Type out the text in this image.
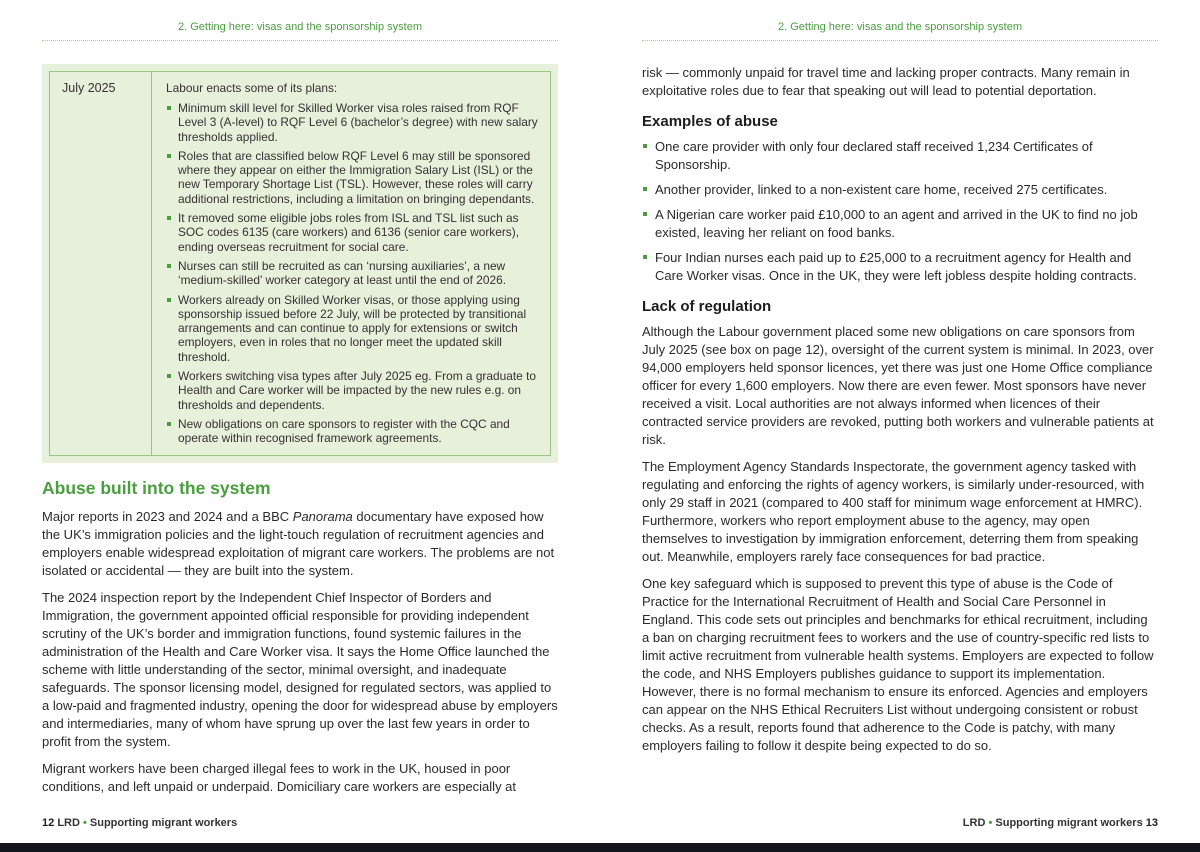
2. Getting here: visas and the sponsorship system
July 2025	Labour enacts some of its plans:

Minimum skill level for Skilled Worker visa roles raised from RQF Level 3 (A-level) to RQF Level 6 (bachelor’s degree) with new salary thresholds applied.
Roles that are classified below RQF Level 6 may still be sponsored where they appear on either the Immigration Salary List (ISL) or the new Temporary Shortage List (TSL). However, these roles will carry additional restrictions, including a limitation on bringing dependants.
It removed some eligible jobs roles from ISL and TSL list such as SOC codes 6135 (care workers) and 6136 (senior care workers), ending overseas recruitment for social care.
Nurses can still be recruited as can ‘nursing auxiliaries’, a new ‘medium-skilled’ worker category at least until the end of 2026.
Workers already on Skilled Worker visas, or those applying using sponsorship issued before 22 July, will be protected by transitional arrangements and can continue to apply for extensions or switch employers, even in roles that no longer meet the updated skill threshold.
Workers switching visa types after July 2025 eg. From a graduate to Health and Care worker will be impacted by the new rules e.g. on thresholds and dependents.
New obligations on care sponsors to register with the CQC and operate within recognised framework agreements.
Abuse built into the system

Major reports in 2023 and 2024 and a BBC Panorama documentary have exposed how the UK’s immigration policies and the light-touch regulation of recruitment agencies and employers enable widespread exploitation of migrant care workers. The problems are not isolated or accidental — they are built into the system.

The 2024 inspection report by the Independent Chief Inspector of Borders and Immigration, the government appointed official responsible for providing independent scrutiny of the UK’s border and immigration functions, found systemic failures in the administration of the Health and Care Worker visa. It says the Home Office launched the scheme with little understanding of the sector, minimal oversight, and inadequate safeguards. The sponsor licensing model, designed for regulated sectors, was applied to a low-paid and fragmented industry, opening the door for widespread abuse by employers and intermediaries, many of whom have sprung up over the last few years in order to profit from the system.

Migrant workers have been charged illegal fees to work in the UK, housed in poor conditions, and left unpaid or underpaid. Domiciliary care workers are especially at

12 LRD • Supporting migrant workers
2. Getting here: visas and the sponsorship system

risk — commonly unpaid for travel time and lacking proper contracts. Many remain in exploitative roles due to fear that speaking out will lead to potential deportation.

Examples of abuse
One care provider with only four declared staff received 1,234 Certificates of Sponsorship.
Another provider, linked to a non-existent care home, received 275 certificates.
A Nigerian care worker paid £10,000 to an agent and arrived in the UK to find no job existed, leaving her reliant on food banks.
Four Indian nurses each paid up to £25,000 to a recruitment agency for Health and Care Worker visas. Once in the UK, they were left jobless despite holding contracts.
Lack of regulation

Although the Labour government placed some new obligations on care sponsors from July 2025 (see box on page 12), oversight of the current system is minimal. In 2023, over 94,000 employers held sponsor licences, yet there was just one Home Office compliance officer for every 1,600 employers. Now there are even fewer. Most sponsors have never received a visit. Local authorities are not always informed when licences of their contracted service providers are revoked, putting both workers and vulnerable patients at risk.

The Employment Agency Standards Inspectorate, the government agency tasked with regulating and enforcing the rights of agency workers, is similarly under-resourced, with only 29 staff in 2021 (compared to 400 staff for minimum wage enforcement at HMRC). Furthermore, workers who report employment abuse to the agency, may open themselves to investigation by immigration enforcement, deterring them from speaking out. Meanwhile, employers rarely face consequences for bad practice.

One key safeguard which is supposed to prevent this type of abuse is the Code of Practice for the International Recruitment of Health and Social Care Personnel in England. This code sets out principles and benchmarks for ethical recruitment, including a ban on charging recruitment fees to workers and the use of country-specific red lists to limit active recruitment from vulnerable health systems. Employers are expected to follow the code, and NHS Employers publishes guidance to support its implementation. However, there is no formal mechanism to ensure its enforced. Agencies and employers can appear on the NHS Ethical Recruiters List without undergoing consistent or robust checks. As a result, reports found that adherence to the Code is patchy, with many employers failing to follow it despite being expected to do so.

LRD • Supporting migrant workers 13
